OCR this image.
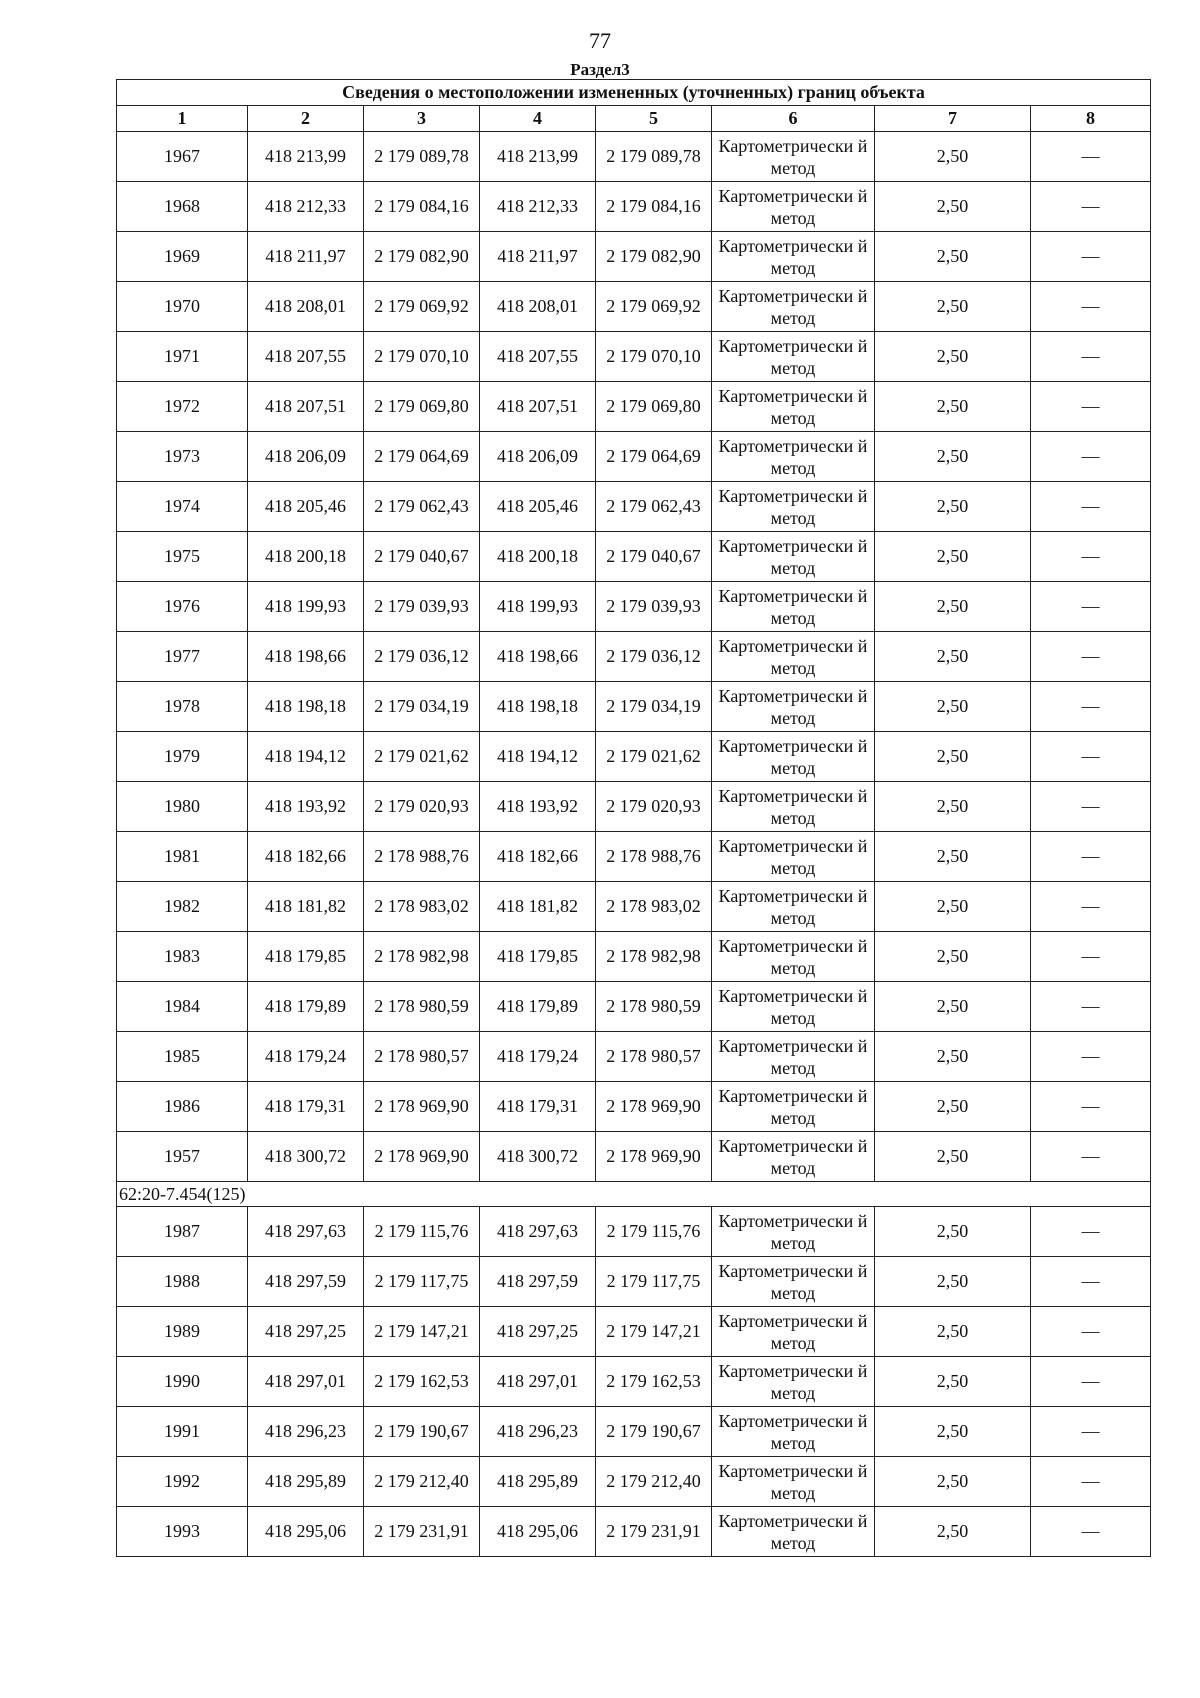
77
Раздел3
Сведения о местоположении измененных (уточненных) границ объекта							
1	2	3	4	5	6	7	8
1967	418 213,99	2 179 089,78	418 213,99	2 179 089,78	Картометрически й метод	2,50	—
1968	418 212,33	2 179 084,16	418 212,33	2 179 084,16	Картометрически й метод	2,50	—
1969	418 211,97	2 179 082,90	418 211,97	2 179 082,90	Картометрически й метод	2,50	—
1970	418 208,01	2 179 069,92	418 208,01	2 179 069,92	Картометрически й метод	2,50	—
1971	418 207,55	2 179 070,10	418 207,55	2 179 070,10	Картометрически й метод	2,50	—
1972	418 207,51	2 179 069,80	418 207,51	2 179 069,80	Картометрически й метод	2,50	—
1973	418 206,09	2 179 064,69	418 206,09	2 179 064,69	Картометрически й метод	2,50	—
1974	418 205,46	2 179 062,43	418 205,46	2 179 062,43	Картометрически й метод	2,50	—
1975	418 200,18	2 179 040,67	418 200,18	2 179 040,67	Картометрически й метод	2,50	—
1976	418 199,93	2 179 039,93	418 199,93	2 179 039,93	Картометрически й метод	2,50	—
1977	418 198,66	2 179 036,12	418 198,66	2 179 036,12	Картометрически й метод	2,50	—
1978	418 198,18	2 179 034,19	418 198,18	2 179 034,19	Картометрически й метод	2,50	—
1979	418 194,12	2 179 021,62	418 194,12	2 179 021,62	Картометрически й метод	2,50	—
1980	418 193,92	2 179 020,93	418 193,92	2 179 020,93	Картометрически й метод	2,50	—
1981	418 182,66	2 178 988,76	418 182,66	2 178 988,76	Картометрически й метод	2,50	—
1982	418 181,82	2 178 983,02	418 181,82	2 178 983,02	Картометрически й метод	2,50	—
1983	418 179,85	2 178 982,98	418 179,85	2 178 982,98	Картометрически й метод	2,50	—
1984	418 179,89	2 178 980,59	418 179,89	2 178 980,59	Картометрически й метод	2,50	—
1985	418 179,24	2 178 980,57	418 179,24	2 178 980,57	Картометрически й метод	2,50	—
1986	418 179,31	2 178 969,90	418 179,31	2 178 969,90	Картометрически й метод	2,50	—
1957	418 300,72	2 178 969,90	418 300,72	2 178 969,90	Картометрически й метод	2,50	—
62:20-7.454(125)							
1987	418 297,63	2 179 115,76	418 297,63	2 179 115,76	Картометрически й метод	2,50	—
1988	418 297,59	2 179 117,75	418 297,59	2 179 117,75	Картометрически й метод	2,50	—
1989	418 297,25	2 179 147,21	418 297,25	2 179 147,21	Картометрически й метод	2,50	—
1990	418 297,01	2 179 162,53	418 297,01	2 179 162,53	Картометрически й метод	2,50	—
1991	418 296,23	2 179 190,67	418 296,23	2 179 190,67	Картометрически й метод	2,50	—
1992	418 295,89	2 179 212,40	418 295,89	2 179 212,40	Картометрически й метод	2,50	—
1993	418 295,06	2 179 231,91	418 295,06	2 179 231,91	Картометрически й метод	2,50	—
